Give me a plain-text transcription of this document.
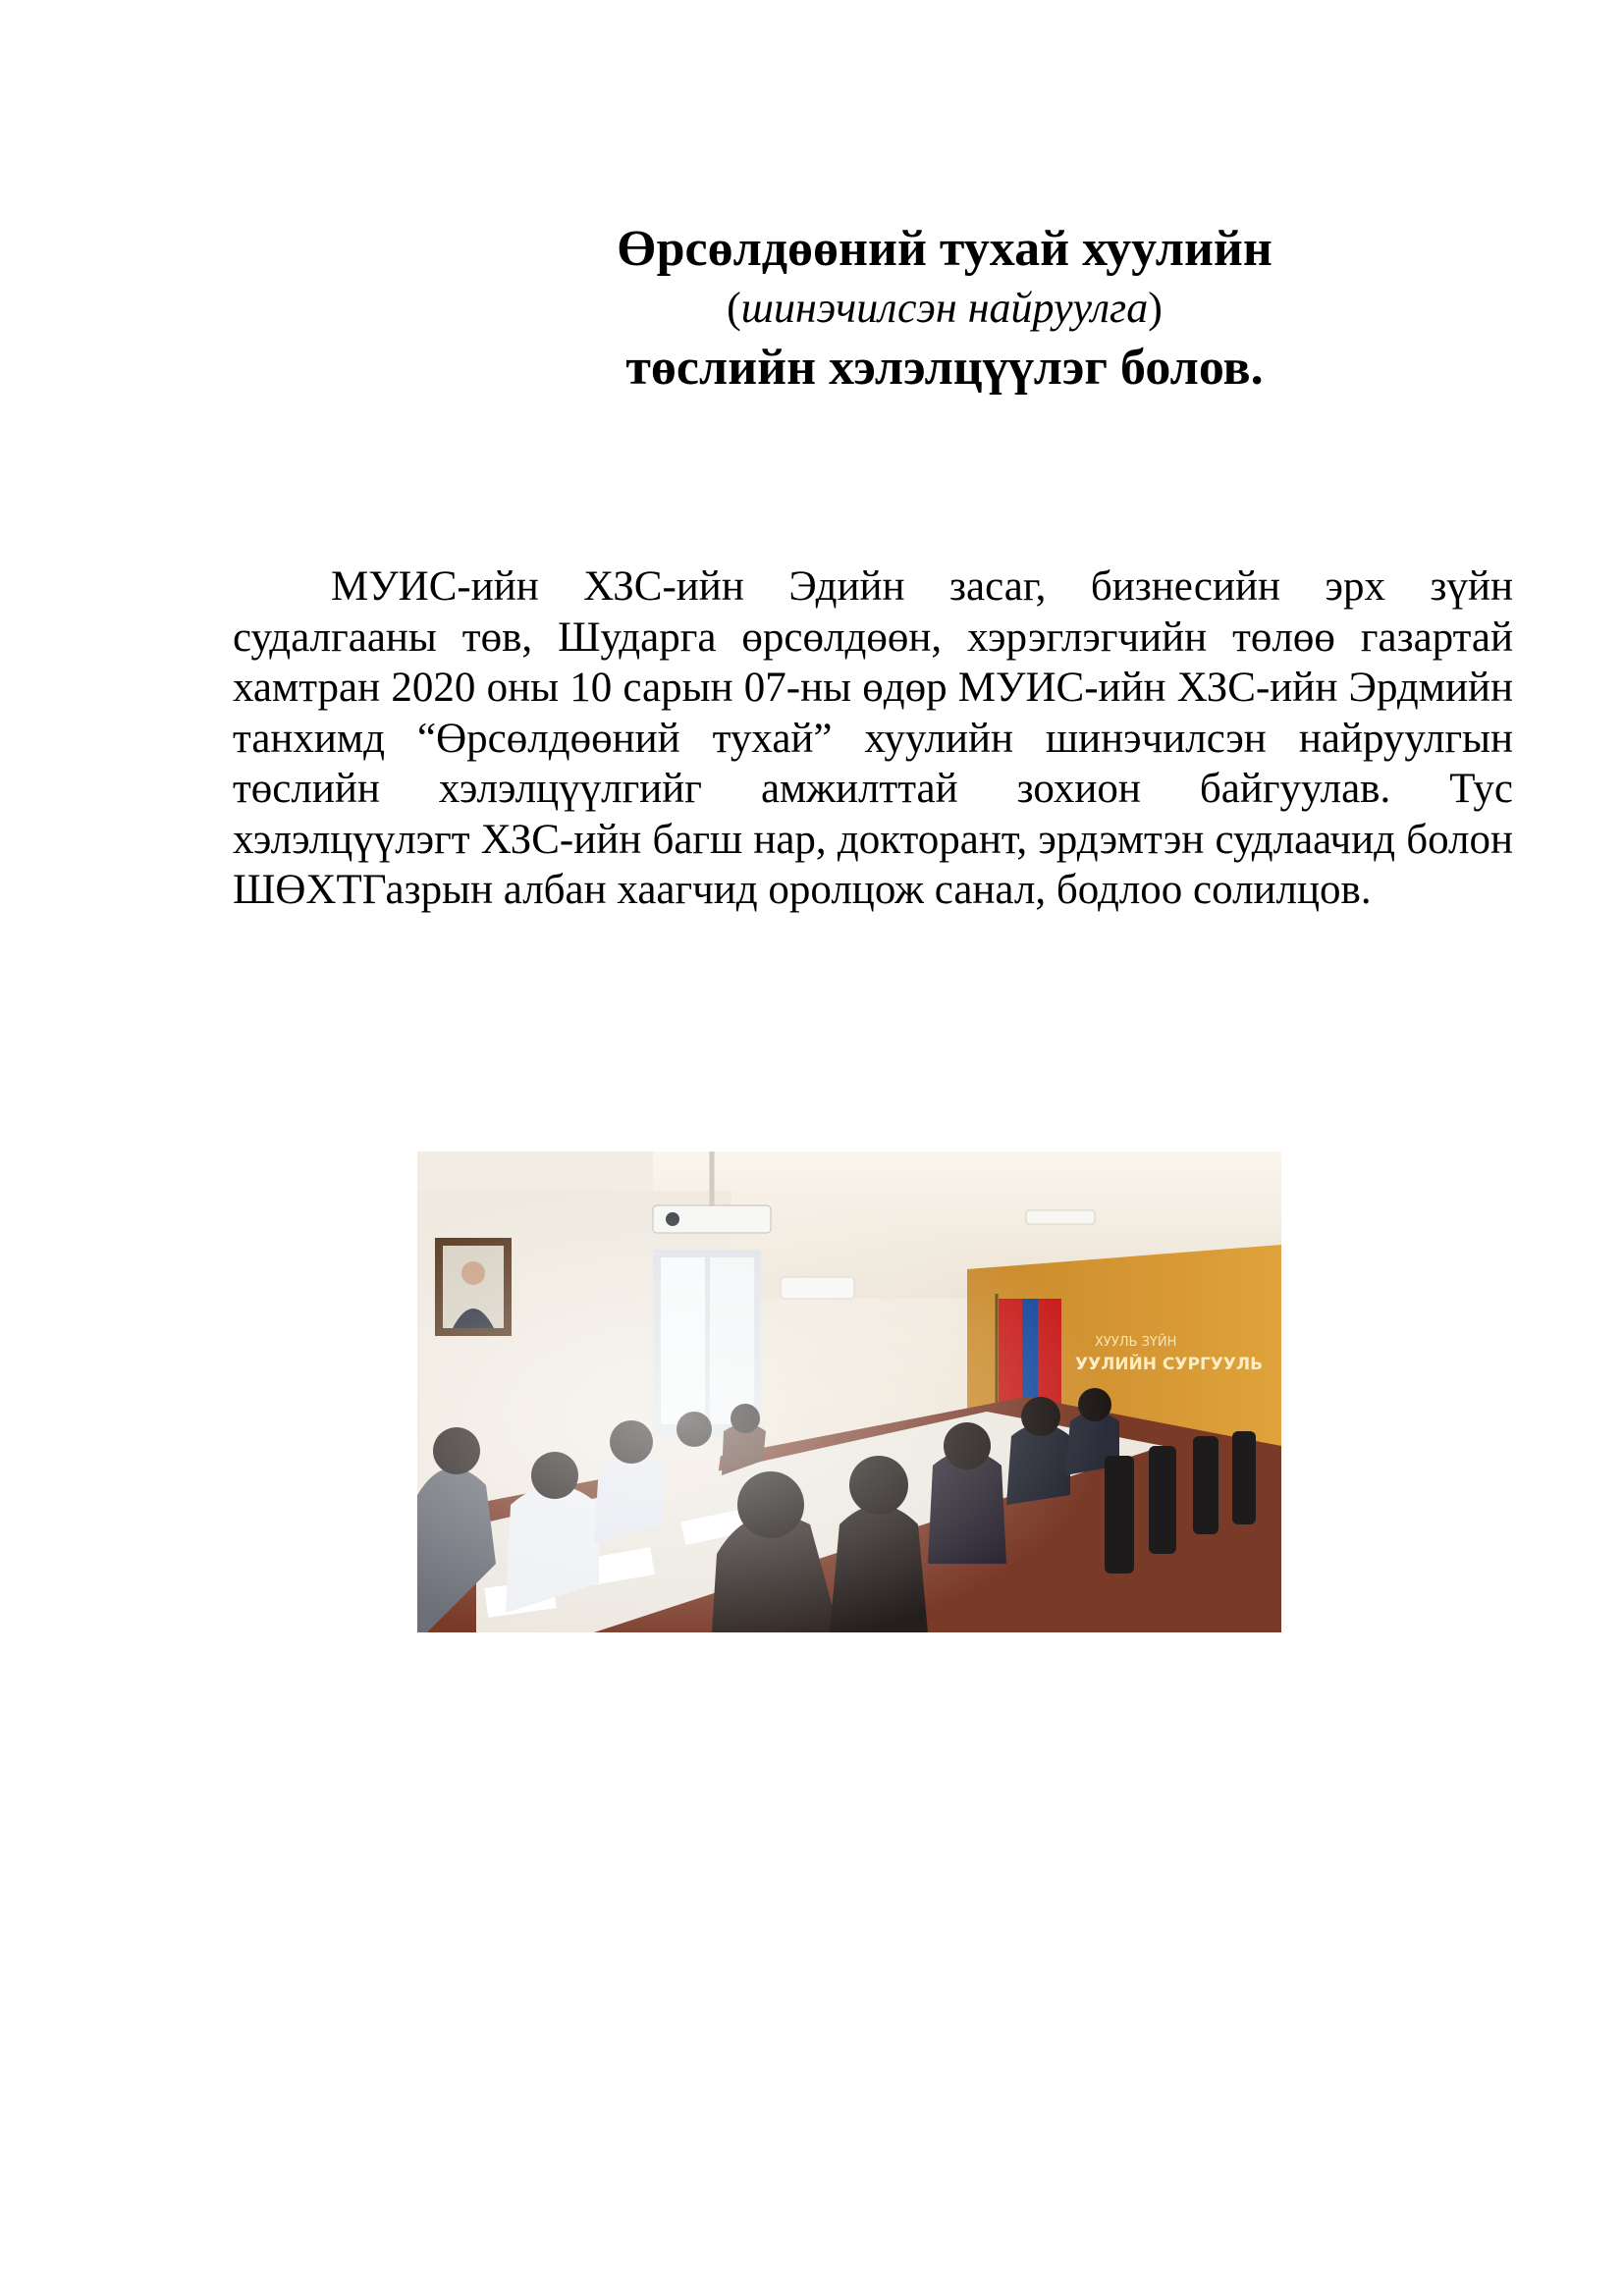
Өрсөлдөөний тухай хуулийн
(шинэчилсэн найруулга)
төслийн хэлэлцүүлэг болов.

МУИС-ийн ХЗС-ийн Эдийн засаг, бизнесийн эрх зүйн судалгааны төв, Шударга өрсөлдөөн, хэрэглэгчийн төлөө газартай хамтран 2020 оны 10 сарын 07-ны өдөр МУИС-ийн ХЗС-ийн Эрдмийн танхимд “Өрсөлдөөний тухай” хуулийн шинэчилсэн найруулгын төслийн хэлэлцүүлгийг амжилттай зохион байгуулав. Тус хэлэлцүүлэгт ХЗС-ийн багш нар, докторант, эрдэмтэн судлаачид болон ШӨХТГазрын албан хаагчид оролцож санал, бодлоо солилцов.
